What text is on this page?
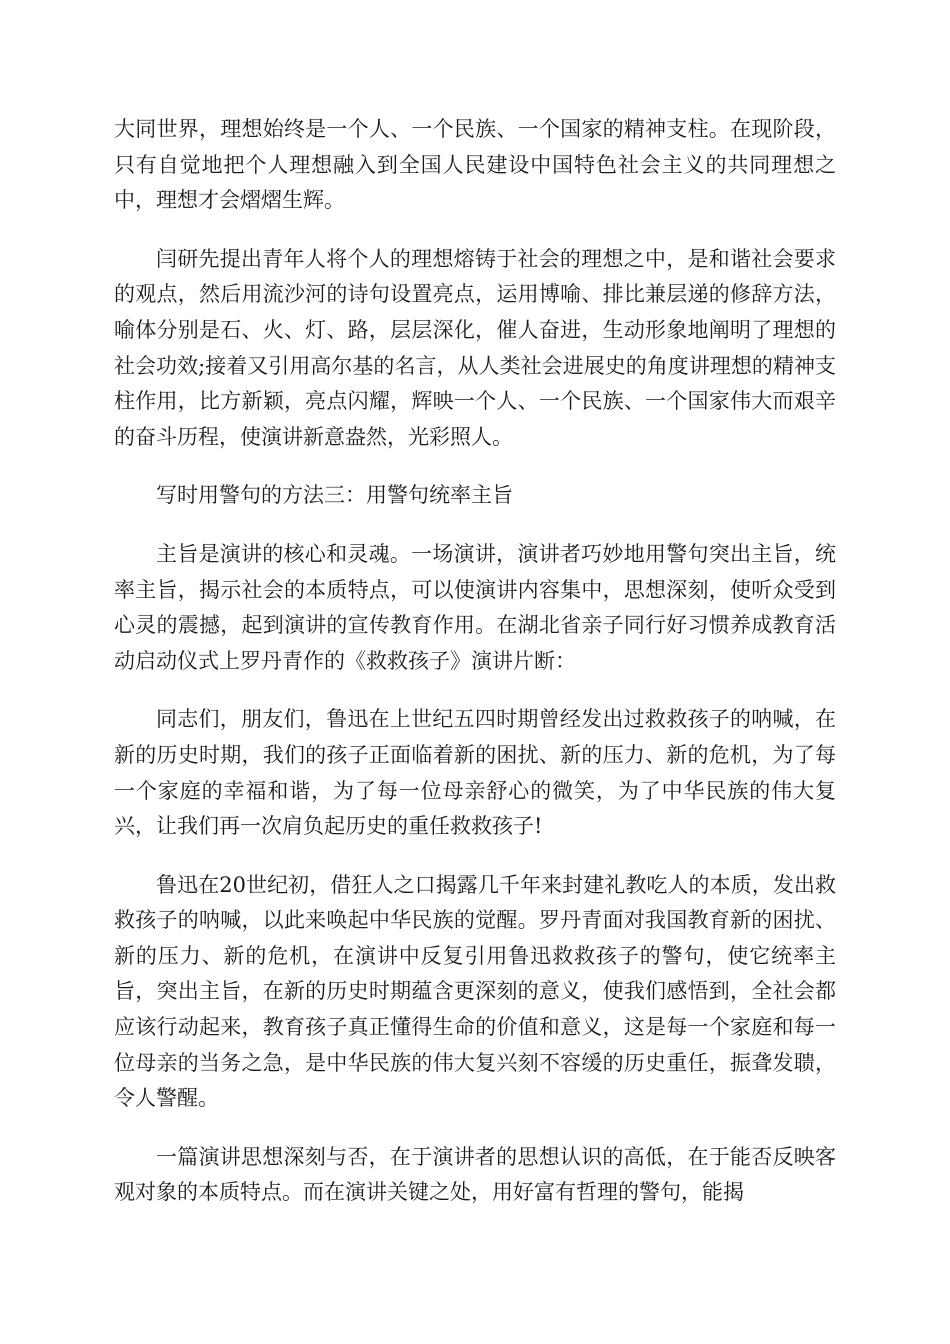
大同世界，理想始终是一个人、一个民族、一个国家的精神支柱。在现阶段，只有自觉地把个人理想融入到全国人民建设中国特色社会主义的共同理想之中，理想才会熠熠生辉。

闫研先提出青年人将个人的理想熔铸于社会的理想之中，是和谐社会要求的观点，然后用流沙河的诗句设置亮点，运用博喻、排比兼层递的修辞方法，喻体分别是石、火、灯、路，层层深化，催人奋进，生动形象地阐明了理想的社会功效;接着又引用高尔基的名言，从人类社会进展史的角度讲理想的精神支柱作用，比方新颖，亮点闪耀，辉映一个人、一个民族、一个国家伟大而艰辛的奋斗历程，使演讲新意盎然，光彩照人。

写时用警句的方法三：用警句统率主旨

主旨是演讲的核心和灵魂。一场演讲，演讲者巧妙地用警句突出主旨，统率主旨，揭示社会的本质特点，可以使演讲内容集中，思想深刻，使听众受到心灵的震撼，起到演讲的宣传教育作用。在湖北省亲子同行好习惯养成教育活动启动仪式上罗丹青作的《救救孩子》演讲片断：

同志们，朋友们，鲁迅在上世纪五四时期曾经发出过救救孩子的呐喊，在新的历史时期，我们的孩子正面临着新的困扰、新的压力、新的危机，为了每一个家庭的幸福和谐，为了每一位母亲舒心的微笑，为了中华民族的伟大复兴，让我们再一次肩负起历史的重任救救孩子!

鲁迅在20世纪初，借狂人之口揭露几千年来封建礼教吃人的本质，发出救救孩子的呐喊，以此来唤起中华民族的觉醒。罗丹青面对我国教育新的困扰、新的压力、新的危机，在演讲中反复引用鲁迅救救孩子的警句，使它统率主旨，突出主旨，在新的历史时期蕴含更深刻的意义，使我们感悟到，全社会都应该行动起来，教育孩子真正懂得生命的价值和意义，这是每一个家庭和每一位母亲的当务之急，是中华民族的伟大复兴刻不容缓的历史重任，振聋发聩，令人警醒。

一篇演讲思想深刻与否，在于演讲者的思想认识的高低，在于能否反映客观对象的本质特点。而在演讲关键之处，用好富有哲理的警句，能揭
